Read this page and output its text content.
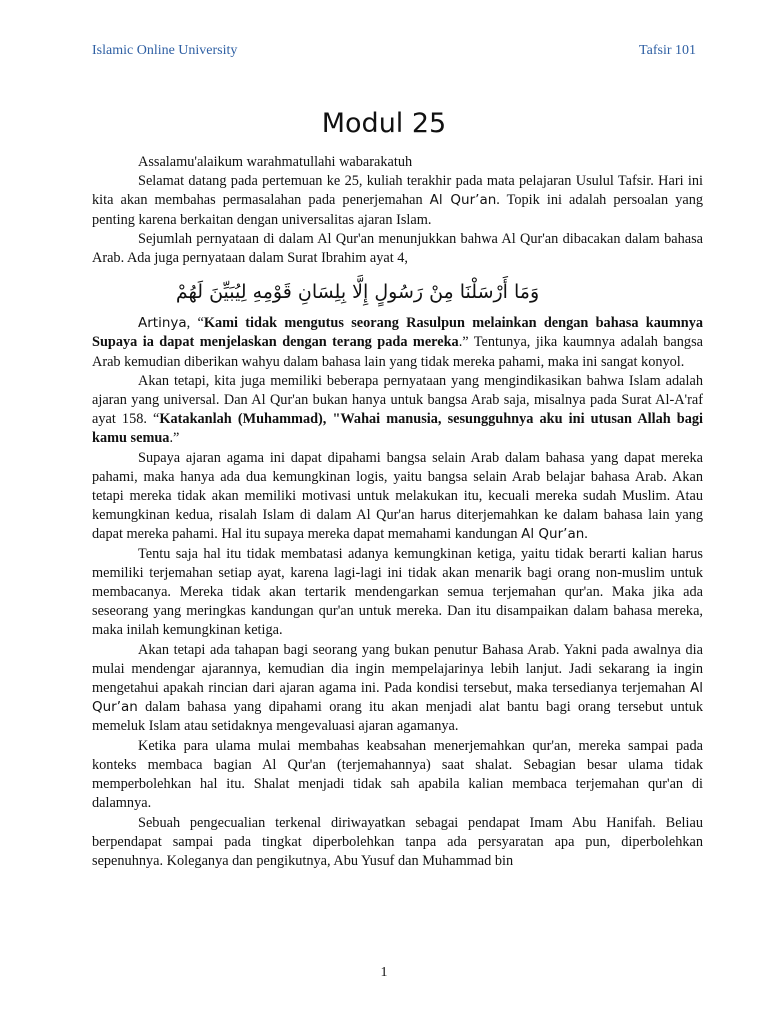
Islamic Online University	Tafsir 101
Modul 25

Assalamu'alaikum warahmatullahi wabarakatuh

Selamat datang pada pertemuan ke 25, kuliah terakhir pada mata pelajaran Usulul Tafsir. Hari ini kita akan membahas permasalahan pada penerjemahan Al Qur’an. Topik ini adalah persoalan yang penting karena berkaitan dengan universalitas ajaran Islam.

Sejumlah pernyataan di dalam Al Qur'an menunjukkan bahwa Al Qur'an dibacakan dalam bahasa Arab. Ada juga pernyataan dalam Surat Ibrahim ayat 4,

وَمَا أَرْسَلْنَا مِنْ رَسُولٍ إِلَّا بِلِسَانِ قَوْمِهِ لِيُبَيِّنَ لَهُمْ

Artinya, “Kami tidak mengutus seorang Rasulpun melainkan dengan bahasa kaumnya Supaya ia dapat menjelaskan dengan terang pada mereka.” Tentunya, jika kaumnya adalah bangsa Arab kemudian diberikan wahyu dalam bahasa lain yang tidak mereka pahami, maka ini sangat konyol.

Akan tetapi, kita juga memiliki beberapa pernyataan yang mengindikasikan bahwa Islam adalah ajaran yang universal. Dan Al Qur'an bukan hanya untuk bangsa Arab saja, misalnya pada Surat Al-A'raf ayat 158. “Katakanlah (Muhammad), "Wahai manusia, sesungguhnya aku ini utusan Allah bagi kamu semua.”

Supaya ajaran agama ini dapat dipahami bangsa selain Arab dalam bahasa yang dapat mereka pahami, maka hanya ada dua kemungkinan logis, yaitu bangsa selain Arab belajar bahasa Arab. Akan tetapi mereka tidak akan memiliki motivasi untuk melakukan itu, kecuali mereka sudah Muslim. Atau kemungkinan kedua, risalah Islam di dalam Al Qur'an harus diterjemahkan ke dalam bahasa lain yang dapat mereka pahami. Hal itu supaya mereka dapat memahami kandungan Al Qur’an.

Tentu saja hal itu tidak membatasi adanya kemungkinan ketiga, yaitu tidak berarti kalian harus memiliki terjemahan setiap ayat, karena lagi-lagi ini tidak akan menarik bagi orang non-muslim untuk membacanya. Mereka tidak akan tertarik mendengarkan semua terjemahan qur'an. Maka jika ada seseorang yang meringkas kandungan qur'an untuk mereka. Dan itu disampaikan dalam bahasa mereka, maka inilah kemungkinan ketiga.

Akan tetapi ada tahapan bagi seorang yang bukan penutur Bahasa Arab. Yakni pada awalnya dia mulai mendengar ajarannya, kemudian dia ingin mempelajarinya lebih lanjut. Jadi sekarang ia ingin mengetahui apakah rincian dari ajaran agama ini. Pada kondisi tersebut, maka tersedianya terjemahan Al Qur’an dalam bahasa yang dipahami orang itu akan menjadi alat bantu bagi orang tersebut untuk memeluk Islam atau setidaknya mengevaluasi ajaran agamanya.

Ketika para ulama mulai membahas keabsahan menerjemahkan qur'an, mereka sampai pada konteks membaca bagian Al Qur'an (terjemahannya) saat shalat. Sebagian besar ulama tidak memperbolehkan hal itu. Shalat menjadi tidak sah apabila kalian membaca terjemahan qur'an di dalamnya.

Sebuah pengecualian terkenal diriwayatkan sebagai pendapat Imam Abu Hanifah. Beliau berpendapat sampai pada tingkat diperbolehkan tanpa ada persyaratan apa pun, diperbolehkan sepenuhnya. Koleganya dan pengikutnya, Abu Yusuf dan Muhammad bin

1
